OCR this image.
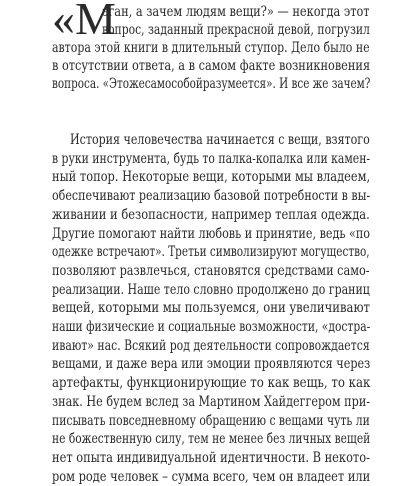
«М
эган, а зачем людям вещи?» — некогда этот
вопрос, заданный прекрасной девой, погрузил
автора этой книги в длительный ступор. Дело было не
в отсутствии ответа, а в самом факте возникновения
вопроса. «Этожесамособойразумеется». И все же зачем?
История человечества начинается с вещи, взятого
в руки инструмента, будь то палка-копалка или камен-
ный топор. Некоторые вещи, которыми мы владеем,
обеспечивают реализацию базовой потребности в вы-
живании и безопасности, например теплая одежда.
Другие помогают найти любовь и принятие, ведь «по
одежке встречают». Третьи символизируют могущество,
позволяют развлечься, становятся средствами само-
реализации. Наше тело словно продолжено до границ
вещей, которыми мы пользуемся, они увеличивают
наши физические и социальные возможности, «достра-
ивают» нас. Всякий род деятельности сопровождается
вещами, и даже вера или эмоции проявляются через
артефакты, функционирующие то как вещь, то как
знак. Не будем вслед за Мартином Хайдеггером при-
писывать повседневному обращению с вещами чуть ли
не божественную силу, тем не менее без личных вещей
нет опыта индивидуальной идентичности. В некото-
ром роде человек – сумма всего, чем он владеет или
